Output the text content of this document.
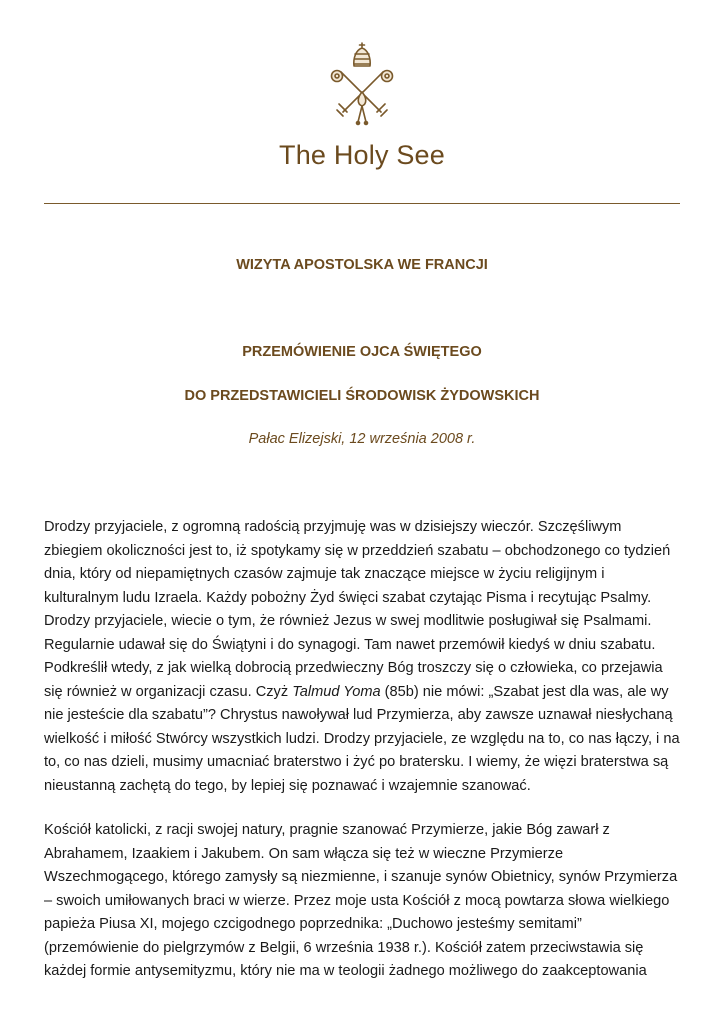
The Holy See
WIZYTA APOSTOLSKA WE FRANCJI
PRZEMÓWIENIE OJCA ŚWIĘTEGO
DO PRZEDSTAWICIELI ŚRODOWISK ŻYDOWSKICH
Pałac Elizejski, 12 września 2008 r.

Drodzy przyjaciele, z ogromną radością przyjmuję was w dzisiejszy wieczór. Szczęśliwym zbiegiem okoliczności jest to, iż spotykamy się w przeddzień szabatu – obchodzonego co tydzień dnia, który od niepamiętnych czasów zajmuje tak znaczące miejsce w życiu religijnym i kulturalnym ludu Izraela. Każdy pobożny Żyd święci szabat czytając Pisma i recytując Psalmy. Drodzy przyjaciele, wiecie o tym, że również Jezus w swej modlitwie posługiwał się Psalmami. Regularnie udawał się do Świątyni i do synagogi. Tam nawet przemówił kiedyś w dniu szabatu. Podkreślił wtedy, z jak wielką dobrocią przedwieczny Bóg troszczy się o człowieka, co przejawia się również w organizacji czasu. Czyż Talmud Yoma (85b) nie mówi: „Szabat jest dla was, ale wy nie jesteście dla szabatu”? Chrystus nawoływał lud Przymierza, aby zawsze uznawał niesłychaną wielkość i miłość Stwórcy wszystkich ludzi. Drodzy przyjaciele, ze względu na to, co nas łączy, i na to, co nas dzieli, musimy umacniać braterstwo i żyć po bratersku. I wiemy, że więzi braterstwa są nieustanną zachętą do tego, by lepiej się poznawać i wzajemnie szanować.

Kościół katolicki, z racji swojej natury, pragnie szanować Przymierze, jakie Bóg zawarł z Abrahamem, Izaakiem i Jakubem. On sam włącza się też w wieczne Przymierze Wszechmogącego, którego zamysły są niezmienne, i szanuje synów Obietnicy, synów Przymierza – swoich umiłowanych braci w wierze. Przez moje usta Kościół z mocą powtarza słowa wielkiego papieża Piusa XI, mojego czcigodnego poprzednika: „Duchowo jesteśmy semitami” (przemówienie do pielgrzymów z Belgii, 6 września 1938 r.). Kościół zatem przeciwstawia się każdej formie antysemityzmu, który nie ma w teologii żadnego możliwego do zaakceptowania
